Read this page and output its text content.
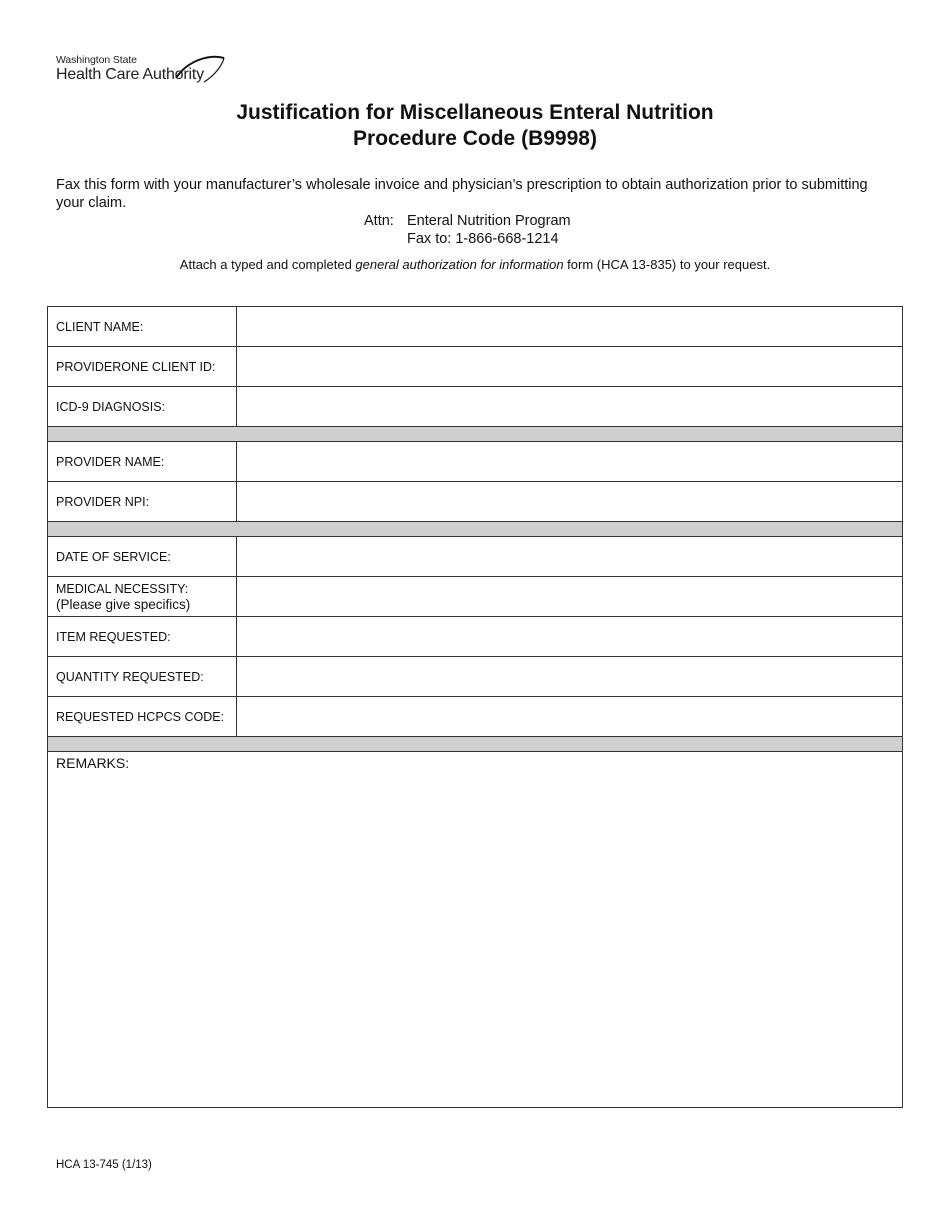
Washington State
Health Care Authority
Justification for Miscellaneous Enteral Nutrition
Procedure Code (B9998)
Fax this form with your manufacturer’s wholesale invoice and physician’s prescription to obtain authorization prior to submitting your claim.
Attn: Enteral Nutrition Program
Fax to: 1-866-668-1214
Attach a typed and completed general authorization for information form (HCA 13-835) to your request.
CLIENT NAME:
PROVIDERONE CLIENT ID:
ICD-9 DIAGNOSIS:
PROVIDER NAME:
PROVIDER NPI:
DATE OF SERVICE:
MEDICAL NECESSITY:
(Please give specifics)
ITEM REQUESTED:
QUANTITY REQUESTED:
REQUESTED HCPCS CODE:
REMARKS:
HCA 13-745 (1/13)
